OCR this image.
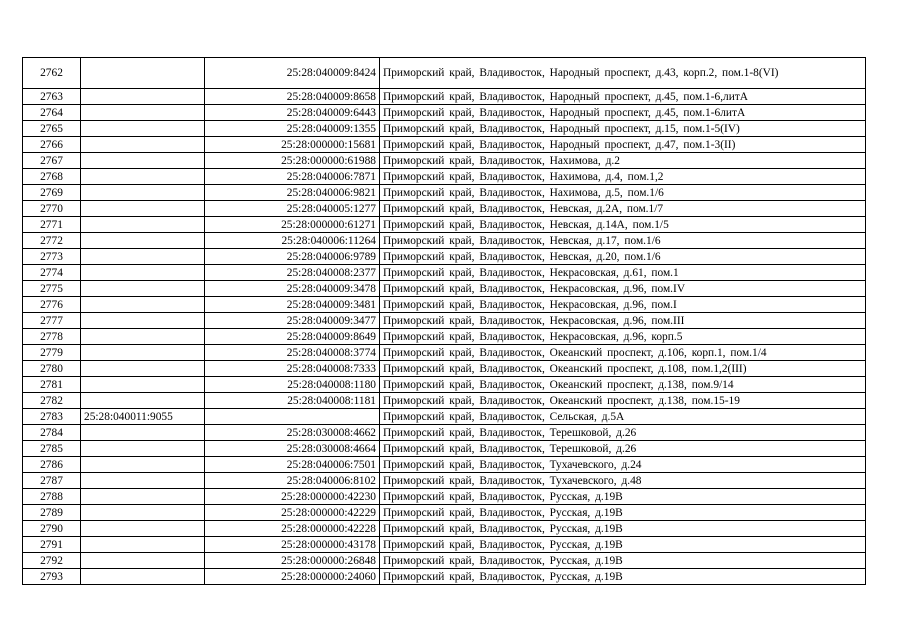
2762		25:28:040009:8424	Приморский край, Владивосток, Народный проспект, д.43, корп.2, пом.1-8(VI)
2763		25:28:040009:8658	Приморский край, Владивосток, Народный проспект, д.45, пом.1-6,литА
2764		25:28:040009:6443	Приморский край, Владивосток, Народный проспект, д.45, пом.1-6литА
2765		25:28:040009:1355	Приморский край, Владивосток, Народный проспект, д.15, пом.1-5(IV)
2766		25:28:000000:15681	Приморский край, Владивосток, Народный проспект, д.47, пом.1-3(II)
2767		25:28:000000:61988	Приморский край, Владивосток, Нахимова, д.2
2768		25:28:040006:7871	Приморский край, Владивосток, Нахимова, д.4, пом.1,2
2769		25:28:040006:9821	Приморский край, Владивосток, Нахимова, д.5, пом.1/6
2770		25:28:040005:1277	Приморский край, Владивосток, Невская, д.2А, пом.1/7
2771		25:28:000000:61271	Приморский край, Владивосток, Невская, д.14А, пом.1/5
2772		25:28:040006:11264	Приморский край, Владивосток, Невская, д.17, пом.1/6
2773		25:28:040006:9789	Приморский край, Владивосток, Невская, д.20, пом.1/6
2774		25:28:040008:2377	Приморский край, Владивосток, Некрасовская, д.61, пом.1
2775		25:28:040009:3478	Приморский край, Владивосток, Некрасовская, д.96, пом.IV
2776		25:28:040009:3481	Приморский край, Владивосток, Некрасовская, д.96, пом.I
2777		25:28:040009:3477	Приморский край, Владивосток, Некрасовская, д.96, пом.III
2778		25:28:040009:8649	Приморский край, Владивосток, Некрасовская, д.96, корп.5
2779		25:28:040008:3774	Приморский край, Владивосток, Океанский проспект, д.106, корп.1, пом.1/4
2780		25:28:040008:7333	Приморский край, Владивосток, Океанский проспект, д.108, пом.1,2(III)
2781		25:28:040008:1180	Приморский край, Владивосток, Океанский проспект, д.138, пом.9/14
2782		25:28:040008:1181	Приморский край, Владивосток, Океанский проспект, д.138, пом.15-19
2783	25:28:040011:9055		Приморский край, Владивосток, Сельская, д.5А
2784		25:28:030008:4662	Приморский край, Владивосток, Терешковой, д.26
2785		25:28:030008:4664	Приморский край, Владивосток, Терешковой, д.26
2786		25:28:040006:7501	Приморский край, Владивосток, Тухачевского, д.24
2787		25:28:040006:8102	Приморский край, Владивосток, Тухачевского, д.48
2788		25:28:000000:42230	Приморский край, Владивосток, Русская, д.19В
2789		25:28:000000:42229	Приморский край, Владивосток, Русская, д.19В
2790		25:28:000000:42228	Приморский край, Владивосток, Русская, д.19В
2791		25:28:000000:43178	Приморский край, Владивосток, Русская, д.19В
2792		25:28:000000:26848	Приморский край, Владивосток, Русская, д.19В
2793		25:28:000000:24060	Приморский край, Владивосток, Русская, д.19В
